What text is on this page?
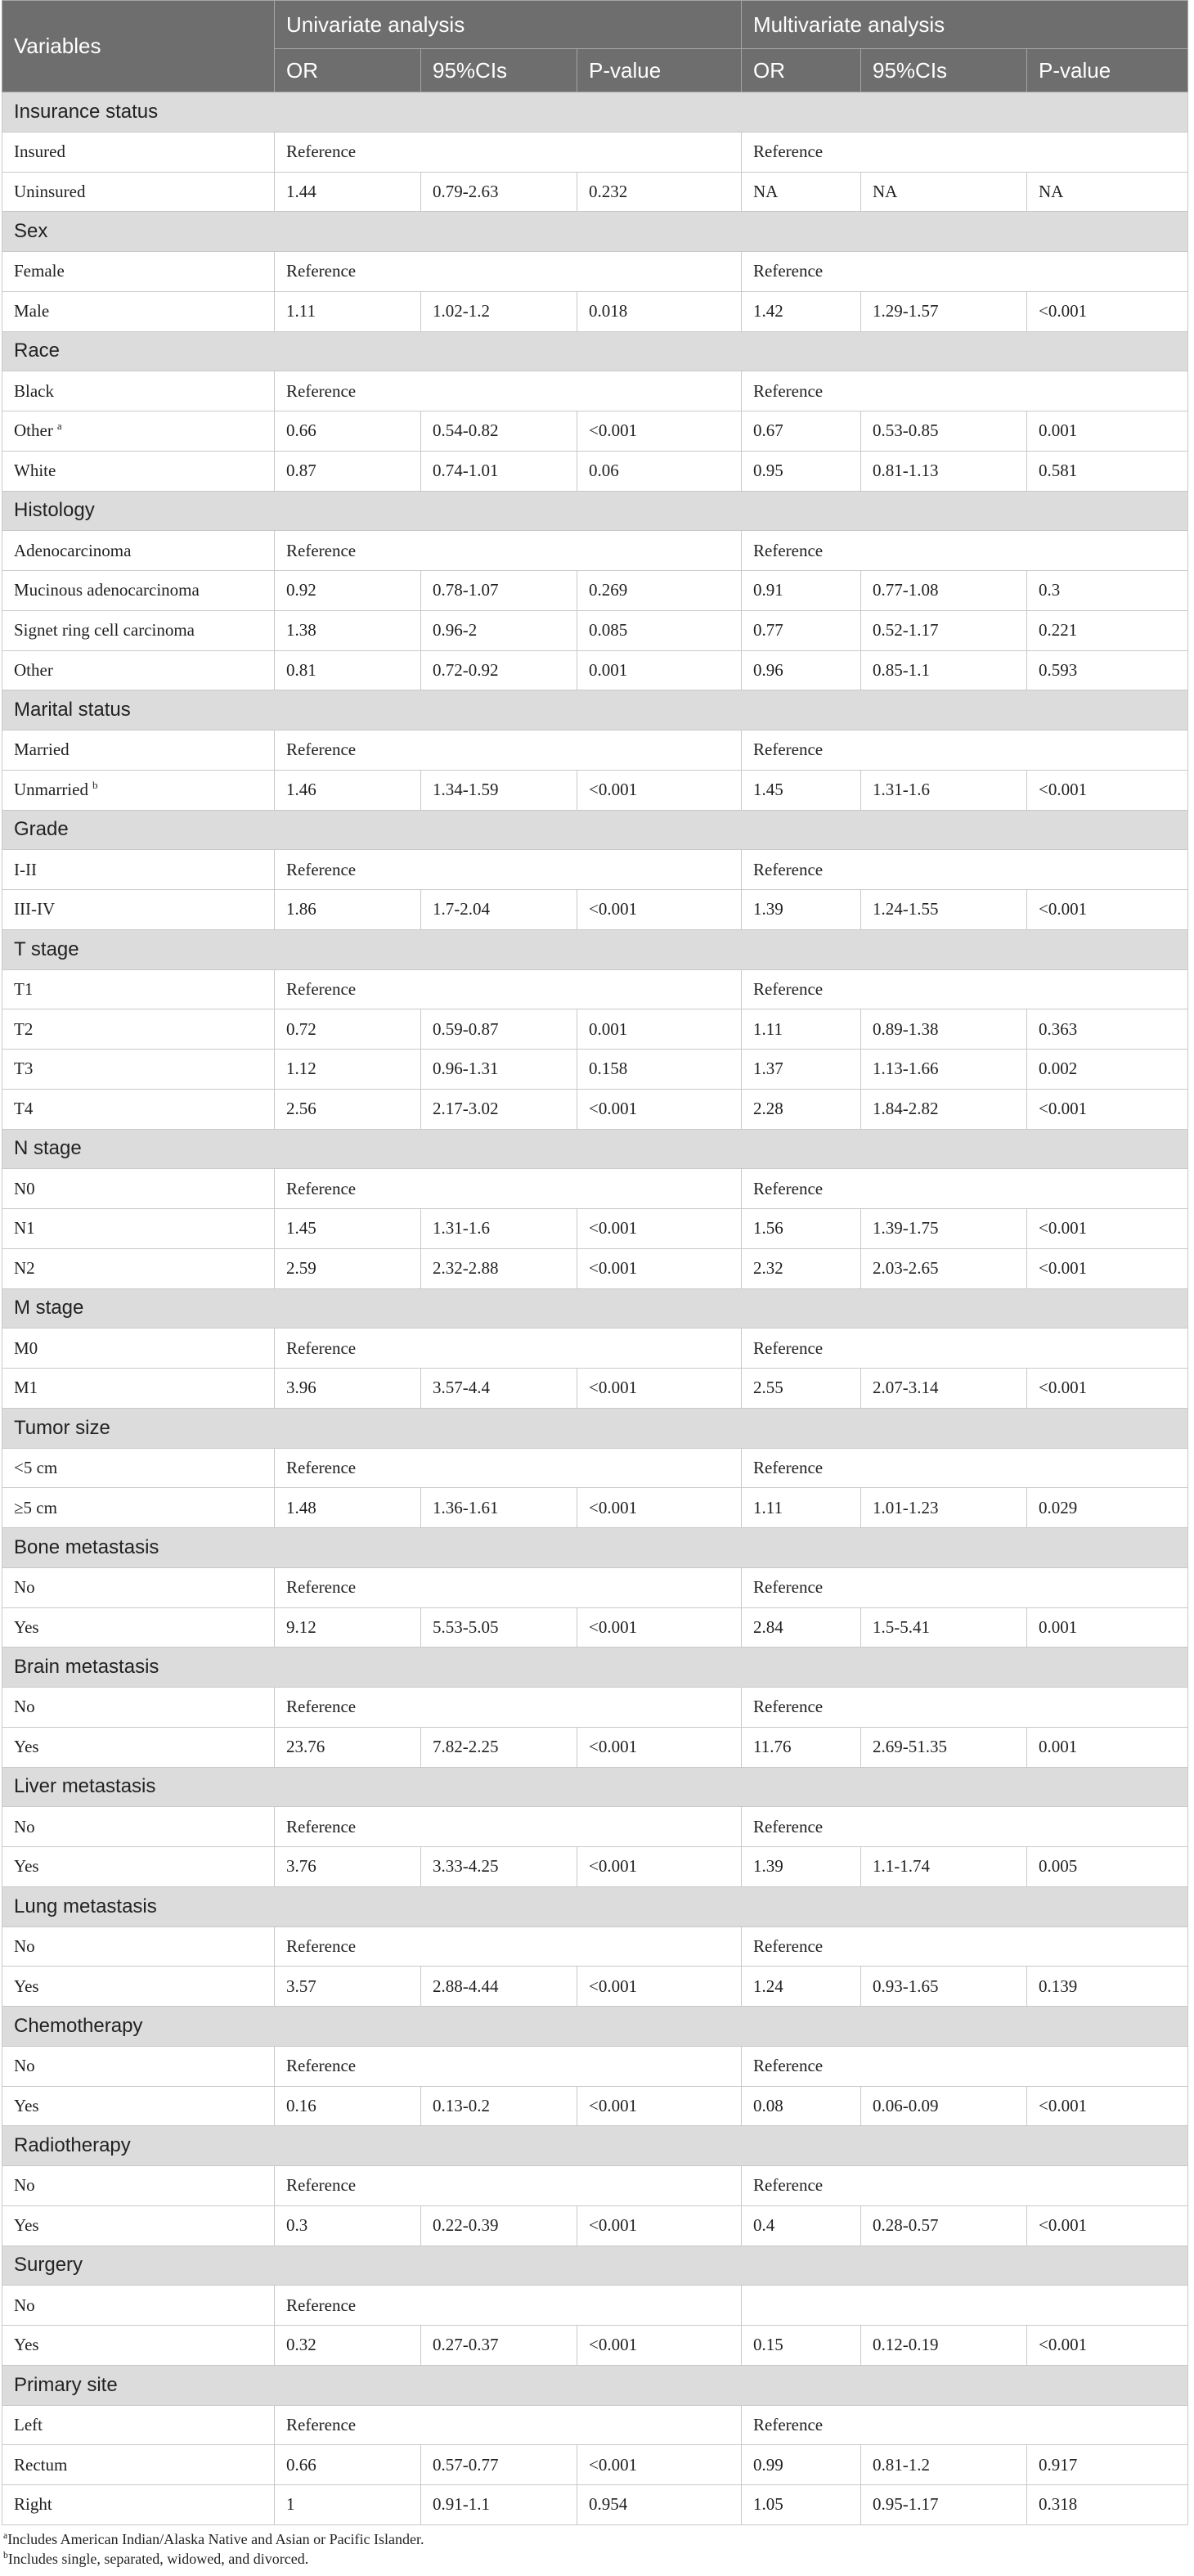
Variables	Univariate analysis			Multivariate analysis		
	OR	95%CIs	P-value	OR	95%CIs	P-value
Insurance status						
Insured	Reference			Reference		
Uninsured	1.44	0.79-2.63	0.232	NA	NA	NA
Sex						
Female	Reference			Reference		
Male	1.11	1.02-1.2	0.018	1.42	1.29-1.57	<0.001
Race						
Black	Reference			Reference		
Other $^a$	0.66	0.54-0.82	<0.001	0.67	0.53-0.85	0.001
White	0.87	0.74-1.01	0.06	0.95	0.81-1.13	0.581
Histology						
Adenocarcinoma	Reference			Reference		
Mucinous adenocarcinoma	0.92	0.78-1.07	0.269	0.91	0.77-1.08	0.3
Signet ring cell carcinoma	1.38	0.96-2	0.085	0.77	0.52-1.17	0.221
Other	0.81	0.72-0.92	0.001	0.96	0.85-1.1	0.593
Marital status						
Married	Reference			Reference		
Unmarried $^b$	1.46	1.34-1.59	<0.001	1.45	1.31-1.6	<0.001
Grade						
I-II	Reference			Reference		
III-IV	1.86	1.7-2.04	<0.001	1.39	1.24-1.55	<0.001
T stage						
T1	Reference			Reference		
T2	0.72	0.59-0.87	0.001	1.11	0.89-1.38	0.363
T3	1.12	0.96-1.31	0.158	1.37	1.13-1.66	0.002
T4	2.56	2.17-3.02	<0.001	2.28	1.84-2.82	<0.001
N stage						
N0	Reference			Reference		
N1	1.45	1.31-1.6	<0.001	1.56	1.39-1.75	<0.001
N2	2.59	2.32-2.88	<0.001	2.32	2.03-2.65	<0.001
M stage						
M0	Reference			Reference		
M1	3.96	3.57-4.4	<0.001	2.55	2.07-3.14	<0.001
Tumor size						
<5 cm	Reference			Reference		
≥5 cm	1.48	1.36-1.61	<0.001	1.11	1.01-1.23	0.029
Bone metastasis						
No	Reference			Reference		
Yes	9.12	5.53-5.05	<0.001	2.84	1.5-5.41	0.001
Brain metastasis						
No	Reference			Reference		
Yes	23.76	7.82-2.25	<0.001	11.76	2.69-51.35	0.001
Liver metastasis						
No	Reference			Reference		
Yes	3.76	3.33-4.25	<0.001	1.39	1.1-1.74	0.005
Lung metastasis						
No	Reference			Reference		
Yes	3.57	2.88-4.44	<0.001	1.24	0.93-1.65	0.139
Chemotherapy						
No	Reference			Reference		
Yes	0.16	0.13-0.2	<0.001	0.08	0.06-0.09	<0.001
Radiotherapy						
No	Reference			Reference		
Yes	0.3	0.22-0.39	<0.001	0.4	0.28-0.57	<0.001
Surgery						
No	Reference					
Yes	0.32	0.27-0.37	<0.001	0.15	0.12-0.19	<0.001
Primary site						
Left	Reference			Reference		
Rectum	0.66	0.57-0.77	<0.001	0.99	0.81-1.2	0.917
Right	1	0.91-1.1	0.954	1.05	0.95-1.17	0.318

$^a$Includes American Indian/Alaska Native and Asian or Pacific Islander.

$^b$Includes single, separated, widowed, and divorced.
